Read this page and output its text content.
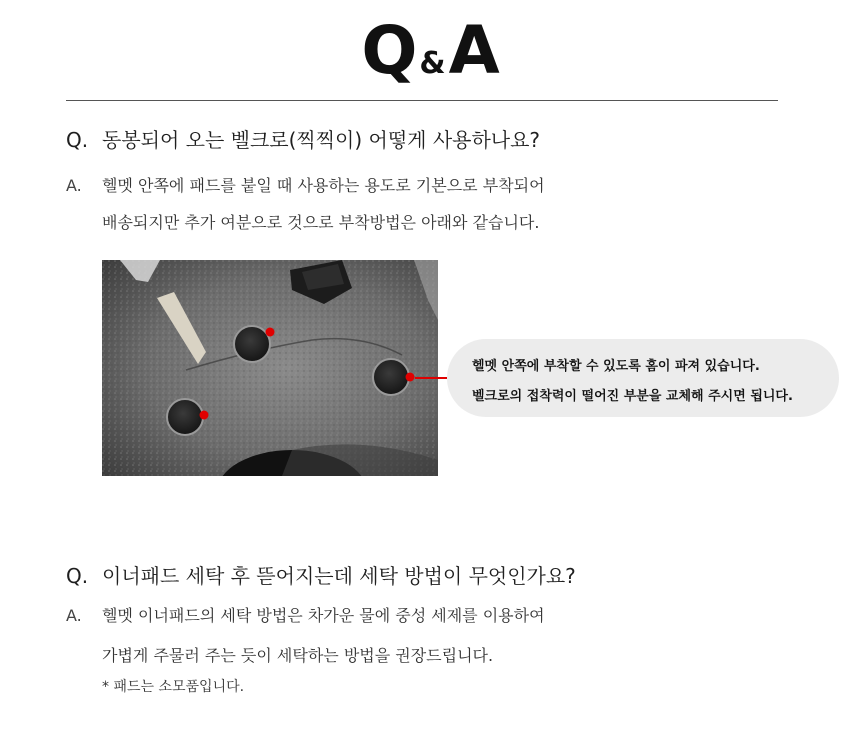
Q &A
Q. 동봉되어 오는 벨크로(찍찍이) 어떻게 사용하나요?
A. 헬멧 안쪽에 패드를 붙일 때 사용하는 용도로 기본으로 부착되어
배송되지만 추가 여분으로 것으로 부착방법은 아래와 같습니다.
헬멧 안쪽에 부착할 수 있도록 홈이 파져 있습니다.
벨크로의 접착력이 떨어진 부분을 교체해 주시면 됩니다.
Q. 이너패드 세탁 후 뜯어지는데 세탁 방법이 무엇인가요?
A. 헬멧 이너패드의 세탁 방법은 차가운 물에 중성 세제를 이용하여
가볍게 주물러 주는 듯이 세탁하는 방법을 권장드립니다.
* 패드는 소모품입니다.
